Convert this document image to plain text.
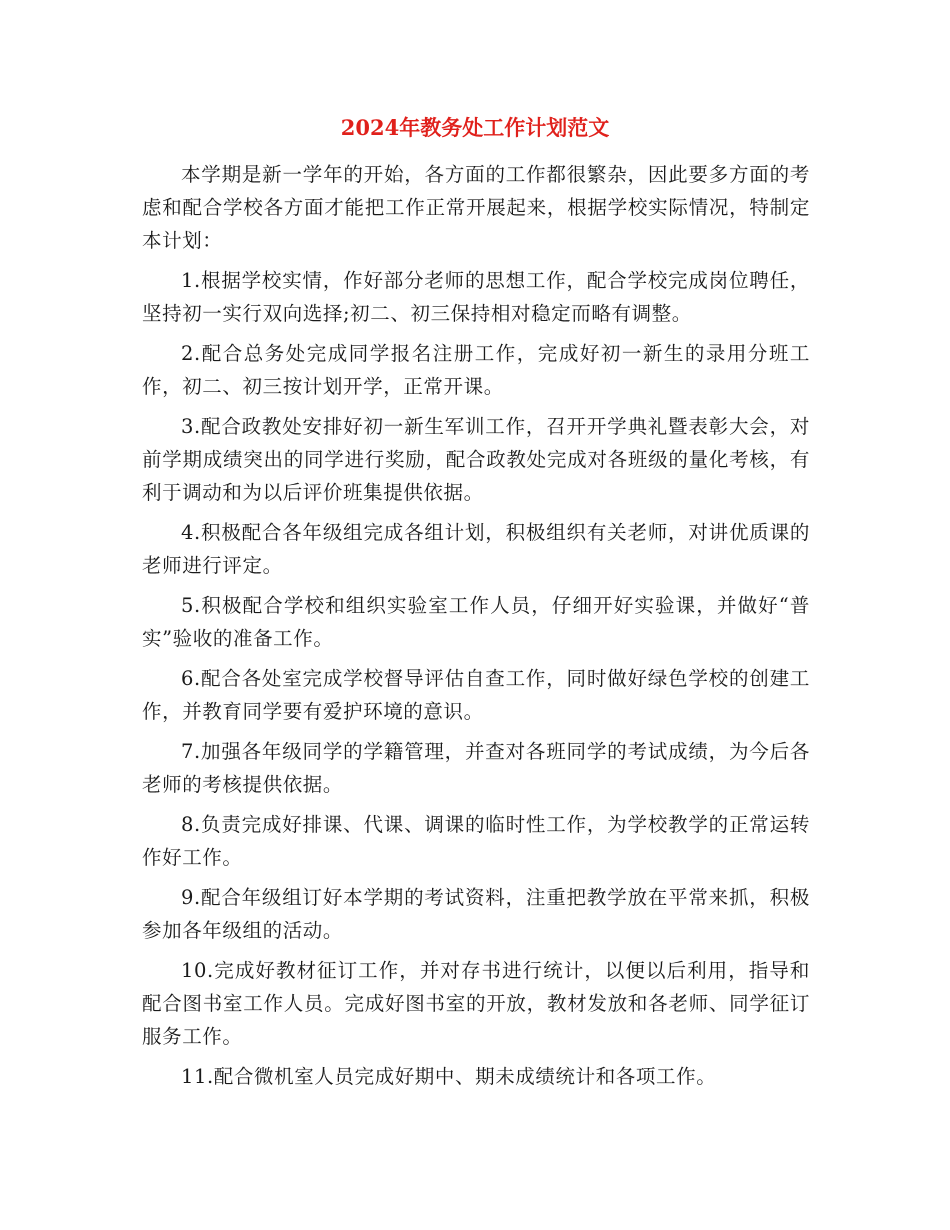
2024年教务处工作计划范文

本学期是新一学年的开始，各方面的工作都很繁杂，因此要多方面的考虑和配合学校各方面才能把工作正常开展起来，根据学校实际情况，特制定本计划：

1.根据学校实情，作好部分老师的思想工作，配合学校完成岗位聘任，坚持初一实行双向选择;初二、初三保持相对稳定而略有调整。

2.配合总务处完成同学报名注册工作，完成好初一新生的录用分班工作，初二、初三按计划开学，正常开课。

3.配合政教处安排好初一新生军训工作，召开开学典礼暨表彰大会，对前学期成绩突出的同学进行奖励，配合政教处完成对各班级的量化考核，有利于调动和为以后评价班集提供依据。

4.积极配合各年级组完成各组计划，积极组织有关老师，对讲优质课的老师进行评定。

5.积极配合学校和组织实验室工作人员，仔细开好实验课，并做好“普实”验收的准备工作。

6.配合各处室完成学校督导评估自查工作，同时做好绿色学校的创建工作，并教育同学要有爱护环境的意识。

7.加强各年级同学的学籍管理，并查对各班同学的考试成绩，为今后各老师的考核提供依据。

8.负责完成好排课、代课、调课的临时性工作，为学校教学的正常运转作好工作。

9.配合年级组订好本学期的考试资料，注重把教学放在平常来抓，积极参加各年级组的活动。

10.完成好教材征订工作，并对存书进行统计，以便以后利用，指导和配合图书室工作人员。完成好图书室的开放，教材发放和各老师、同学征订服务工作。

11.配合微机室人员完成好期中、期未成绩统计和各项工作。
